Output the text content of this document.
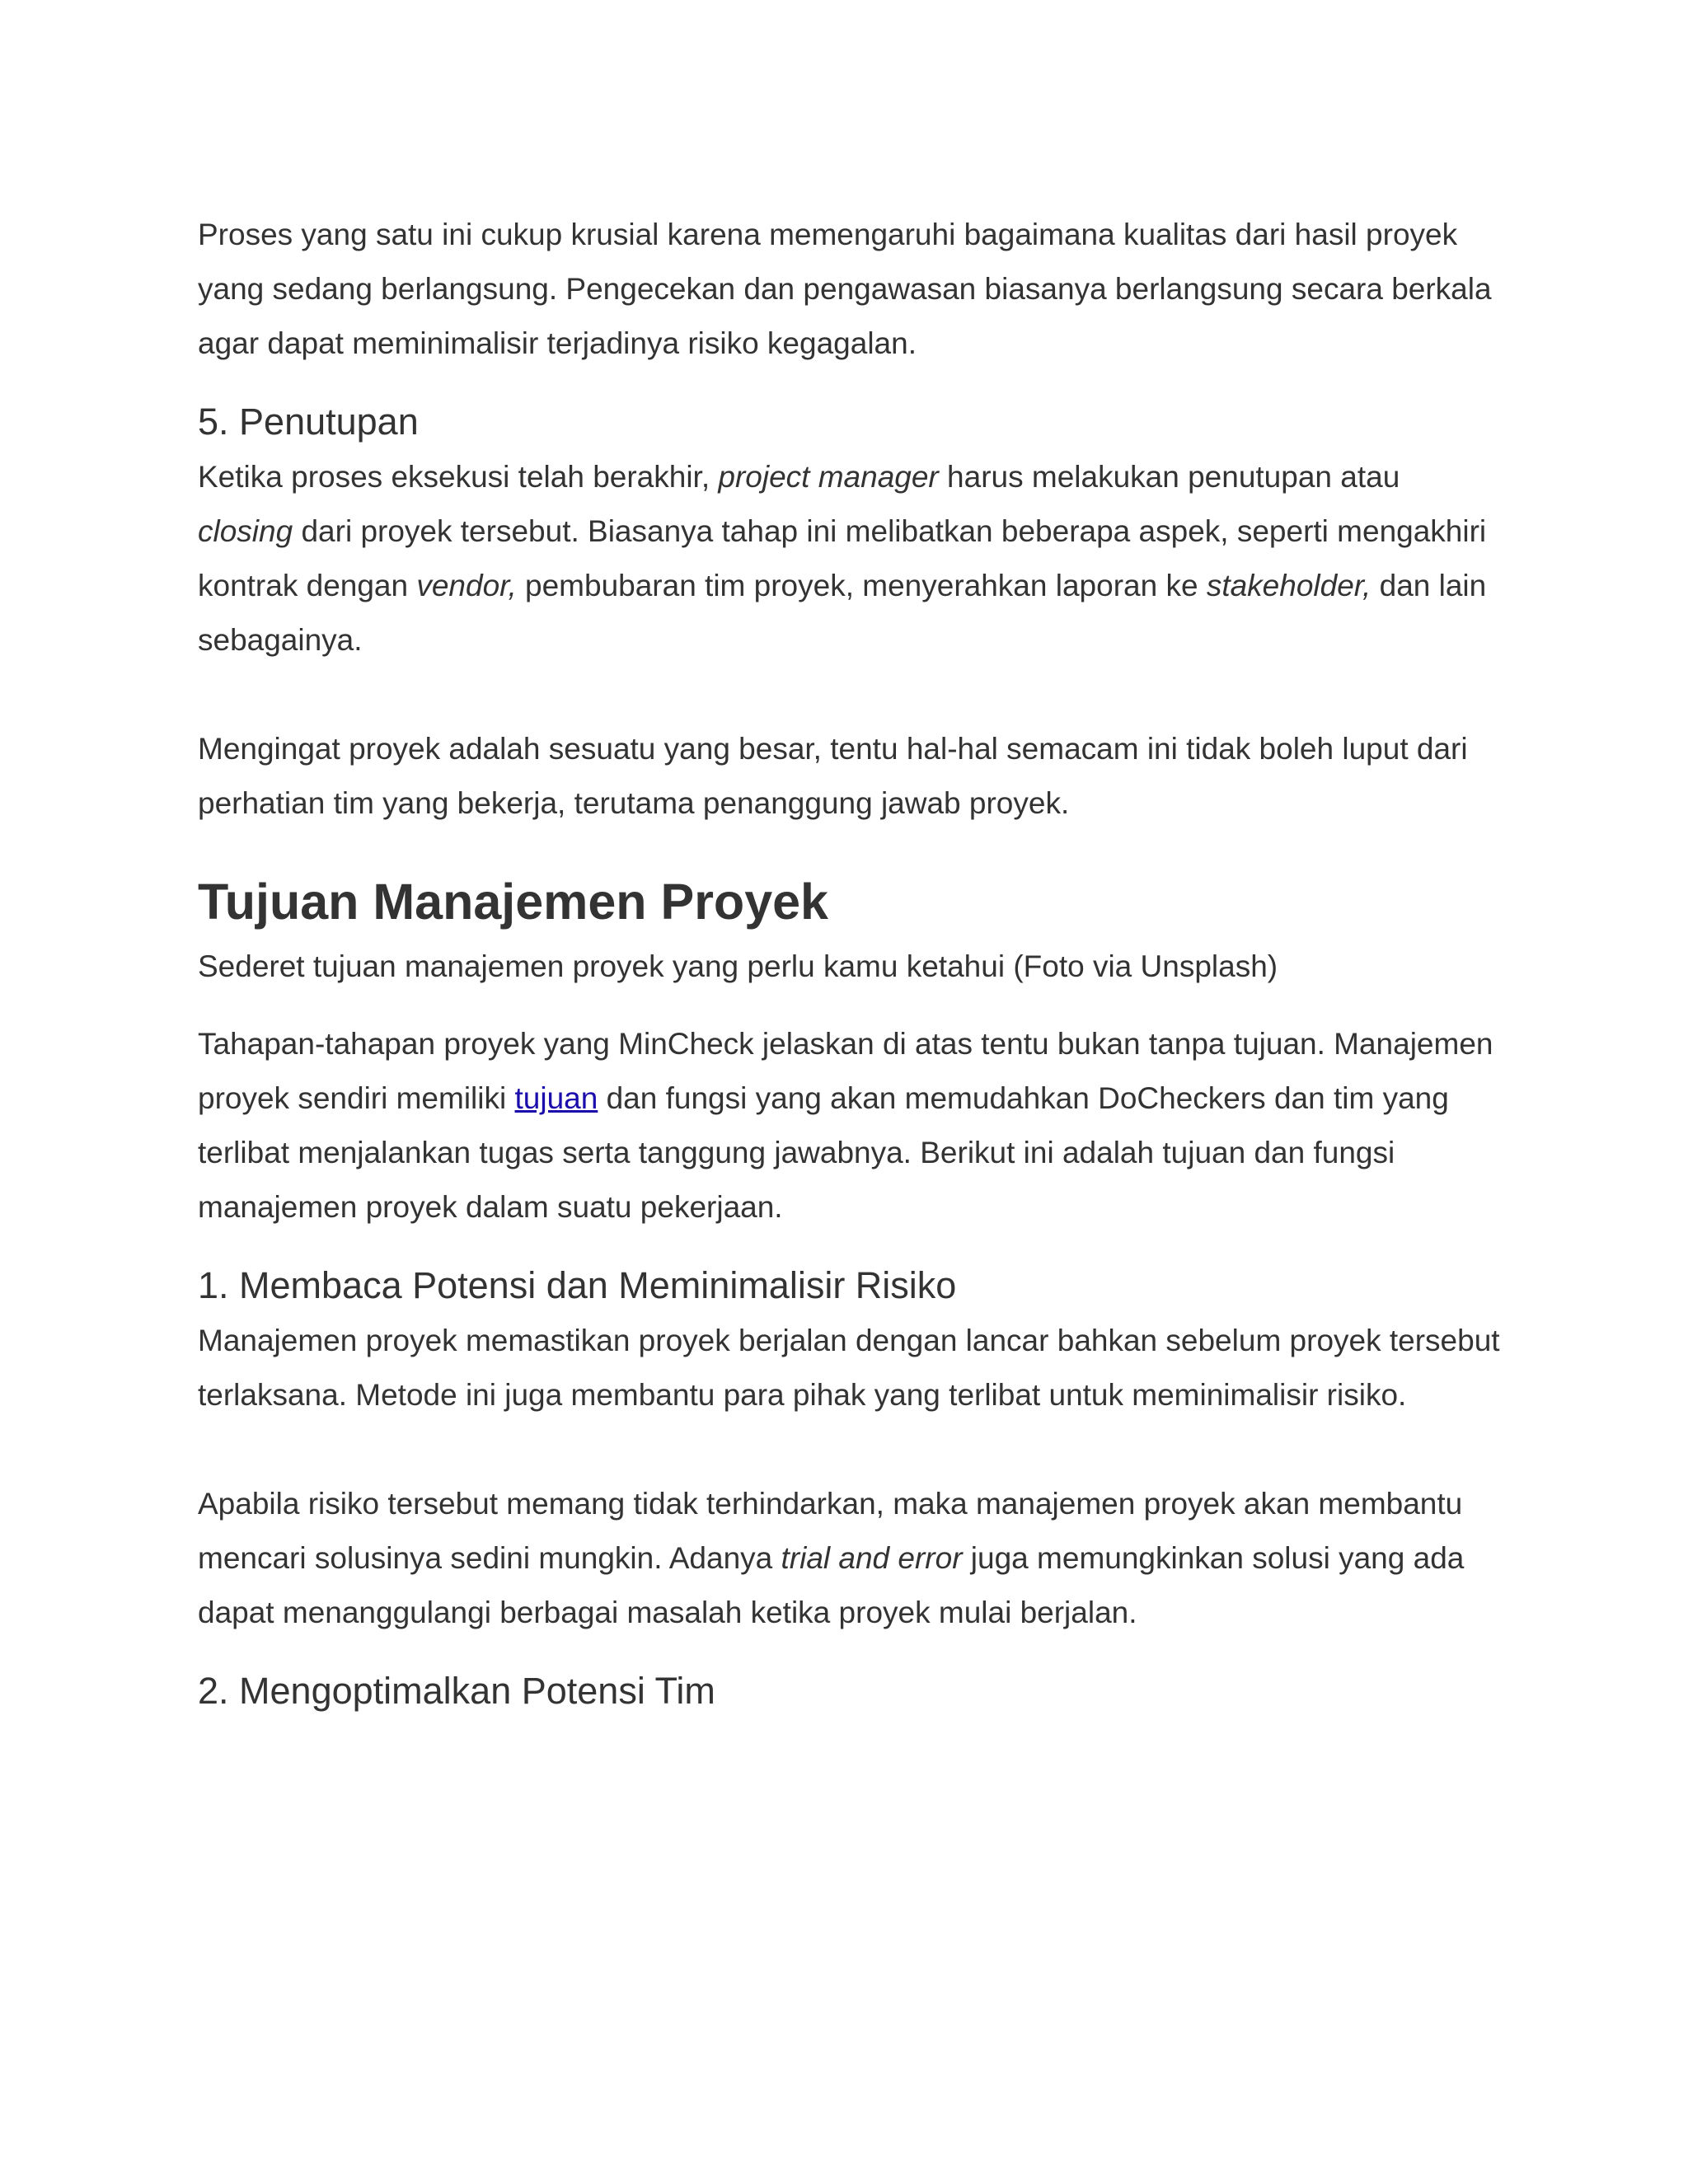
Proses yang satu ini cukup krusial karena memengaruhi bagaimana kualitas dari hasil proyek yang sedang berlangsung. Pengecekan dan pengawasan biasanya berlangsung secara berkala agar dapat meminimalisir terjadinya risiko kegagalan.

5. Penutupan

Ketika proses eksekusi telah berakhir, project manager harus melakukan penutupan atau closing dari proyek tersebut. Biasanya tahap ini melibatkan beberapa aspek, seperti mengakhiri kontrak dengan vendor, pembubaran tim proyek, menyerahkan laporan ke stakeholder, dan lain sebagainya.

Mengingat proyek adalah sesuatu yang besar, tentu hal-hal semacam ini tidak boleh luput dari perhatian tim yang bekerja, terutama penanggung jawab proyek.

Tujuan Manajemen Proyek

Sederet tujuan manajemen proyek yang perlu kamu ketahui (Foto via Unsplash)

Tahapan-tahapan proyek yang MinCheck jelaskan di atas tentu bukan tanpa tujuan. Manajemen proyek sendiri memiliki tujuan dan fungsi yang akan memudahkan DoCheckers dan tim yang terlibat menjalankan tugas serta tanggung jawabnya. Berikut ini adalah tujuan dan fungsi manajemen proyek dalam suatu pekerjaan.

1. Membaca Potensi dan Meminimalisir Risiko

Manajemen proyek memastikan proyek berjalan dengan lancar bahkan sebelum proyek tersebut terlaksana. Metode ini juga membantu para pihak yang terlibat untuk meminimalisir risiko.

Apabila risiko tersebut memang tidak terhindarkan, maka manajemen proyek akan membantu mencari solusinya sedini mungkin. Adanya trial and error juga memungkinkan solusi yang ada dapat menanggulangi berbagai masalah ketika proyek mulai berjalan.

2. Mengoptimalkan Potensi Tim
